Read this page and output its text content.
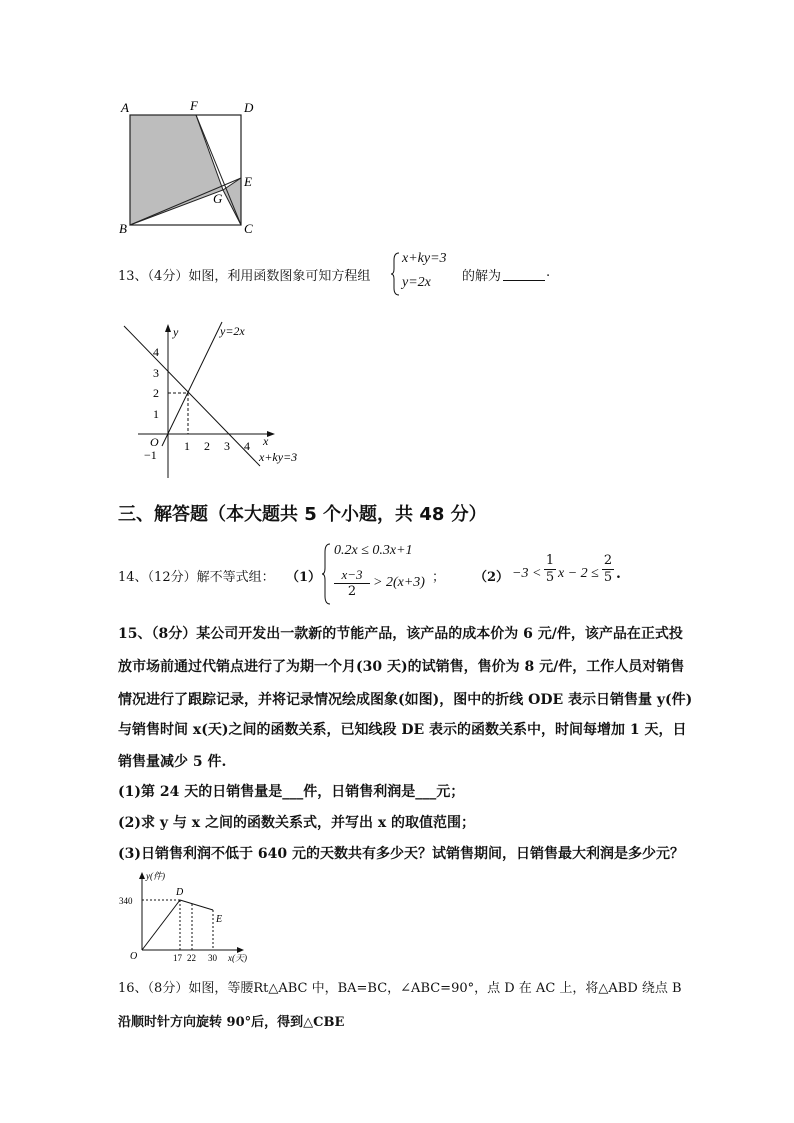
A	F	D
E
G
B	C
13、（4分）如图，利用函数图象可知方程组
x+ky=3
y=2x 的解为	.
y
x
O
y=2x
x+ky=3
1 2 3 4
1
2
3
4
−1
三、解答题（本大题共 5 个小题，共 48 分）
14、（12分）解不等式组： （1）
0.2x ≤ 0.3x+1
$\frac{x-3}{2} > 2(x+3)$ ； $(2) -3 < \frac{1}{5}$ $x - 2 \le \frac{2}{5}$ .
15、（8分）某公司开发出一款新的节能产品，该产品的成本价为 6 元/件，该产品在正式投
放市场前通过代销点进行了为期一个月(30 天)的试销售，售价为 8 元/件，工作人员对销售
情况进行了跟踪记录，并将记录情况绘成图象(如图)，图中的折线 ODE 表示日销售量 y(件)
与销售时间 x(天)之间的函数关系，已知线段 DE 表示的函数关系中，时间每增加 1 天，日
销售量减少 5 件.
(1)第 24 天的日销售量是___件，日销售利润是___元；
(2)求 y 与 x 之间的函数关系式，并写出 x 的取值范围；
(3)日销售利润不低于 640 元的天数共有多少天？试销售期间，日销售最大利润是多少元？
y(件)
x(天)
O
340
D
E
17 22 30
16、（8分）如图，等腰Rt△ABC 中，BA=BC，∠ABC=90°，点 D 在 AC 上，将△ABD 绕点 B
沿顺时针方向旋转 90°后，得到△CBE
